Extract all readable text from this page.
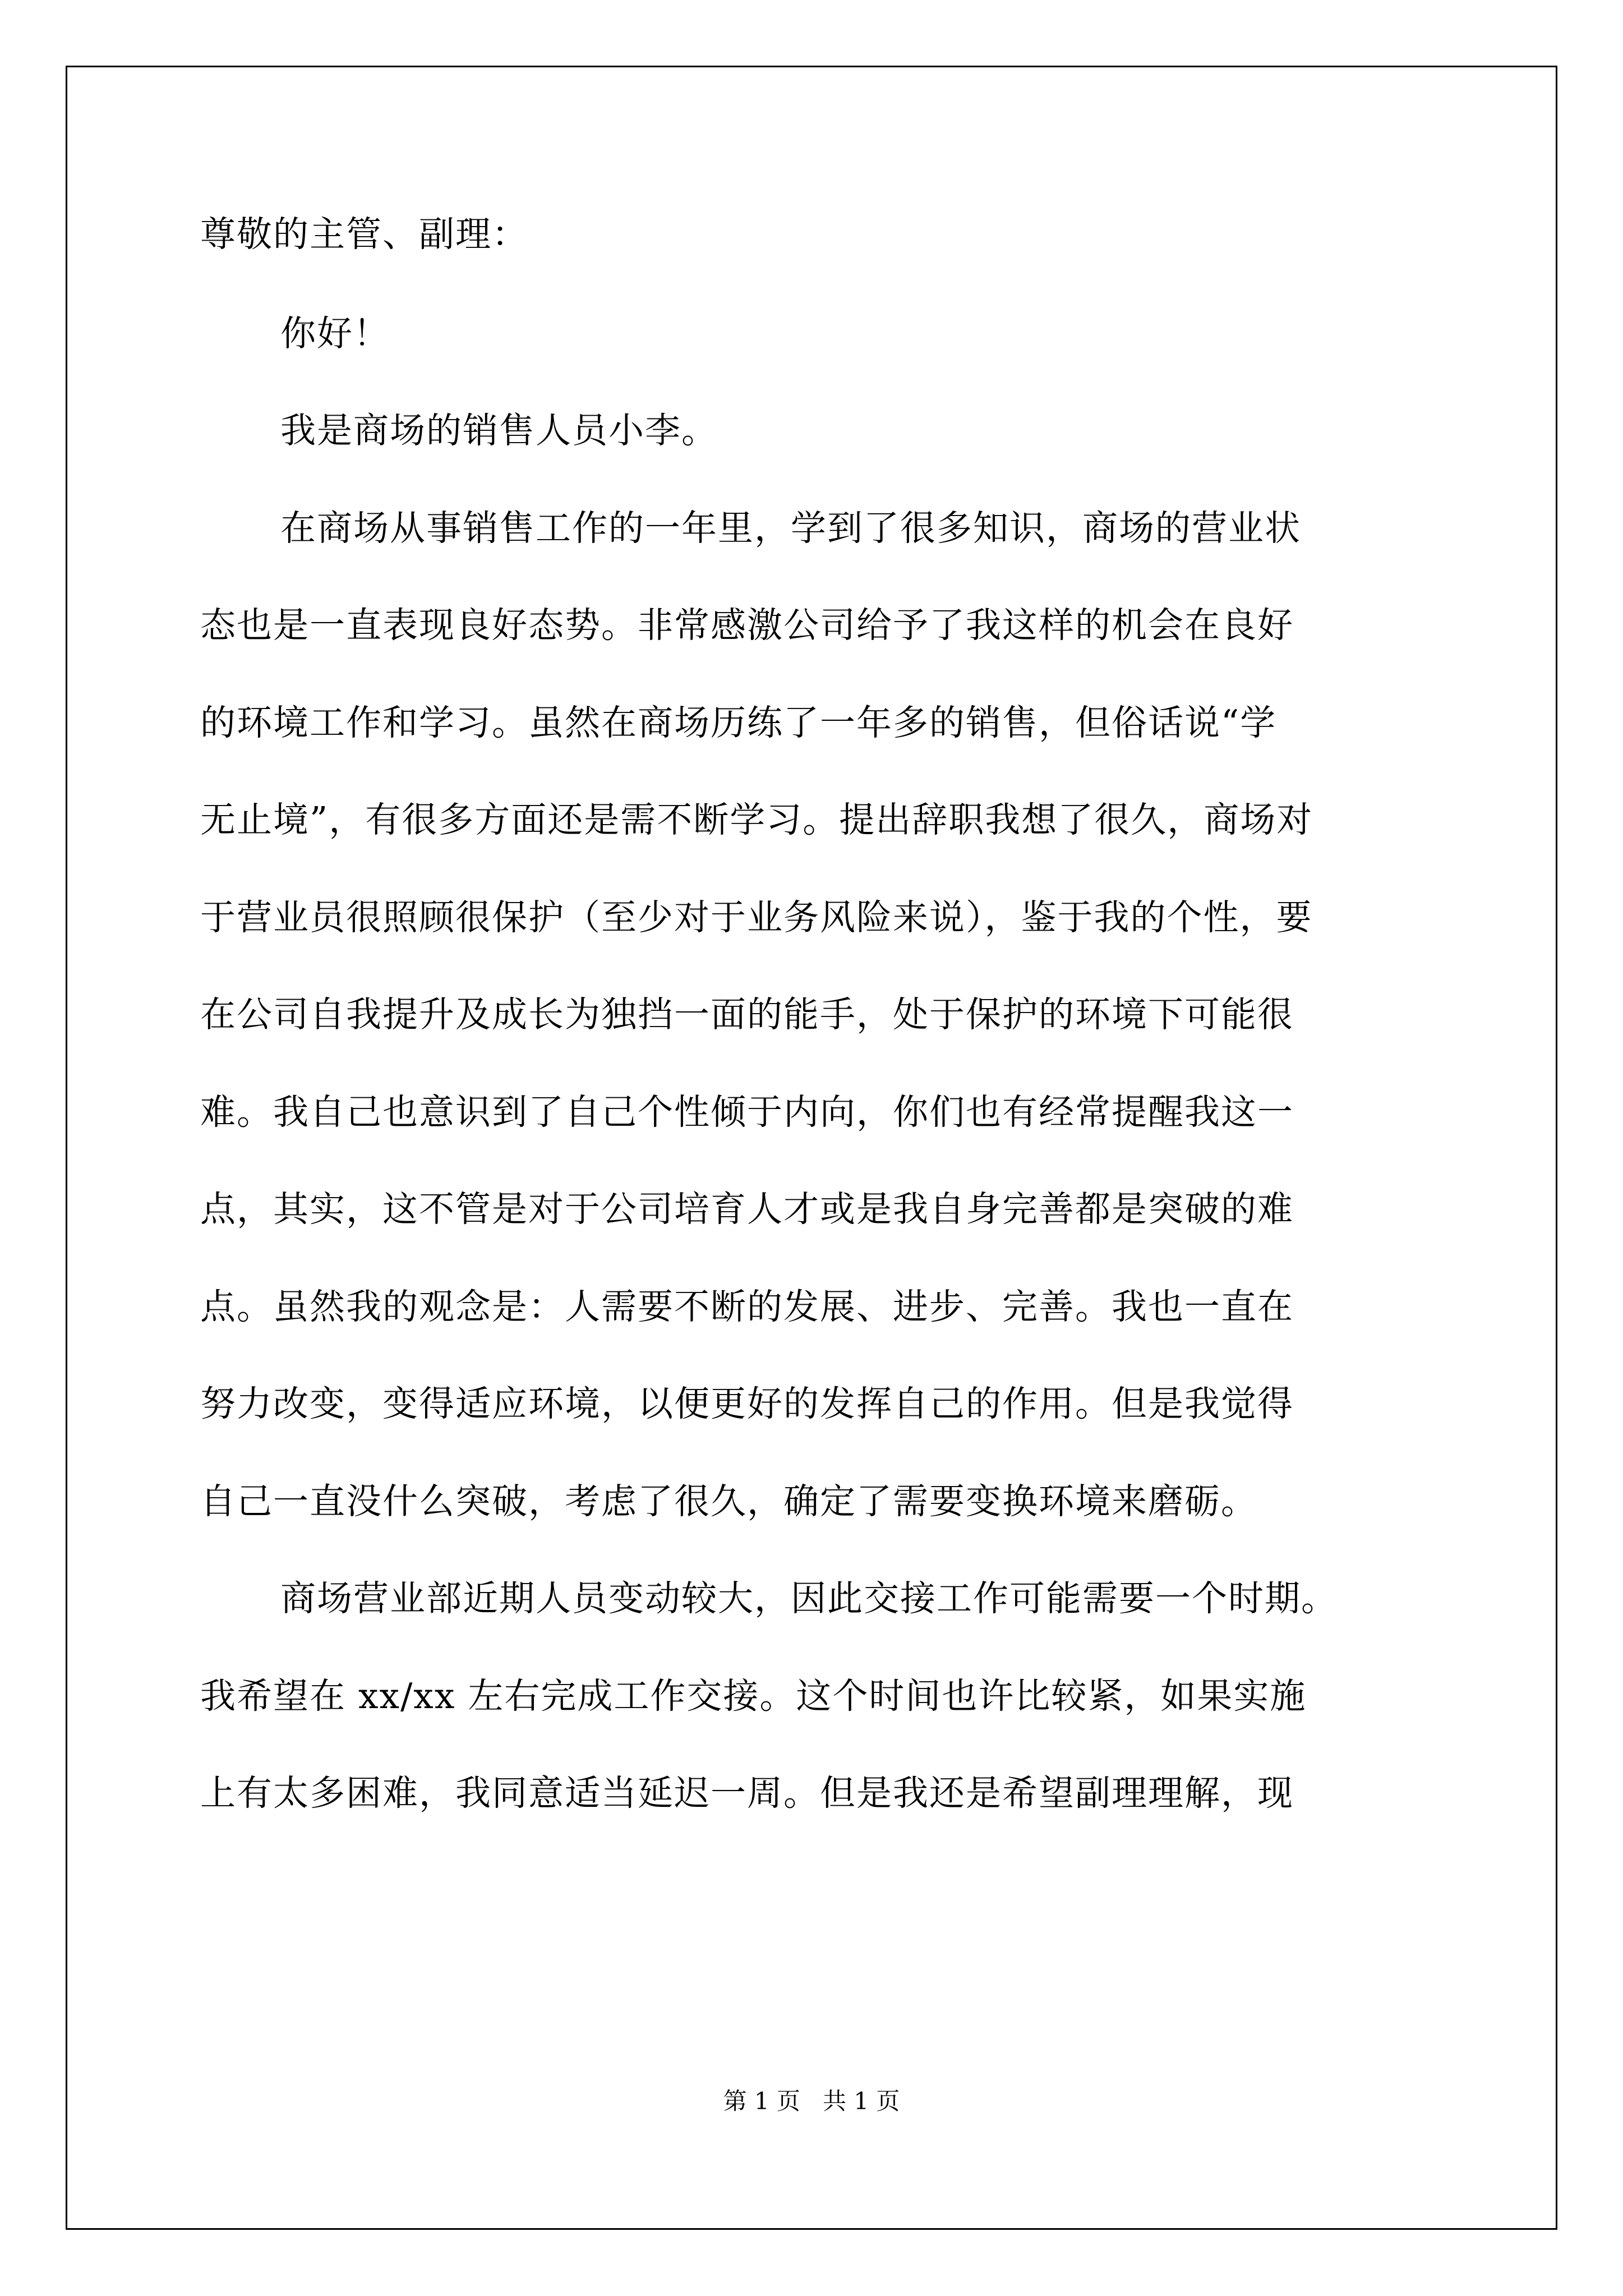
尊敬的主管、副理：
你好！
我是商场的销售人员小李。
在商场从事销售工作的一年里，学到了很多知识，商场的营业状
态也是一直表现良好态势。非常感激公司给予了我这样的机会在良好
的环境工作和学习。虽然在商场历练了一年多的销售，但俗话说“学
无止境”，有很多方面还是需不断学习。提出辞职我想了很久，商场对
于营业员很照顾很保护（至少对于业务风险来说），鉴于我的个性，要
在公司自我提升及成长为独挡一面的能手，处于保护的环境下可能很
难。我自己也意识到了自己个性倾于内向，你们也有经常提醒我这一
点，其实，这不管是对于公司培育人才或是我自身完善都是突破的难
点。虽然我的观念是：人需要不断的发展、进步、完善。我也一直在
努力改变，变得适应环境，以便更好的发挥自己的作用。但是我觉得
自己一直没什么突破，考虑了很久，确定了需要变换环境来磨砺。
商场营业部近期人员变动较大，因此交接工作可能需要一个时期。
我希望在 xx/xx 左右完成工作交接。这个时间也许比较紧，如果实施
上有太多困难，我同意适当延迟一周。但是我还是希望副理理解，现
第 1 页 共 1 页
